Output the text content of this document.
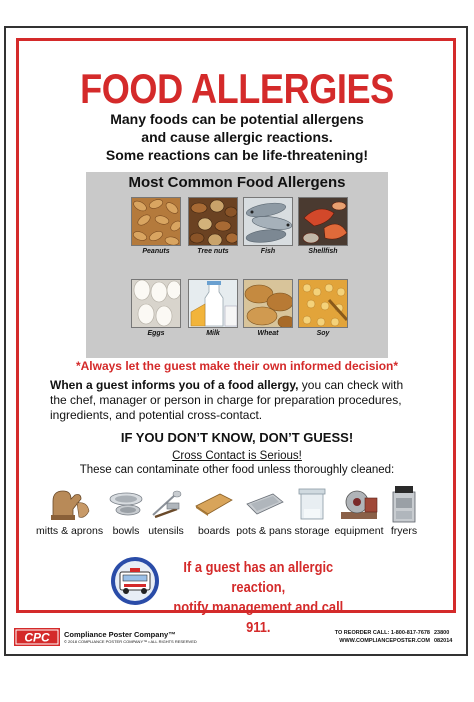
FOOD ALLERGIES
Many foods can be potential allergens
and cause allergic reactions.
Some reactions can be life-threatening!
Most Common Food Allergens
Peanuts	Tree nuts	Fish	Shellfish
Eggs	Milk	Wheat	Soy
*Always let the guest make their own informed decision*
When a guest informs you of a food allergy, you can check with the chef, manager or person in charge for preparation procedures, ingredients, and potential cross-contact.
IF YOU DON’T KNOW, DON’T GUESS!
Cross Contact is Serious!
These can contaminate other food unless thoroughly cleaned:
mitts & aprons bowls utensils	boards pots & pans storage equipment fryers
If a guest has an allergic reaction,
notify management and call 911.
CPC Compliance Poster Company™
© 2018 COMPLIANCE POSTER COMPANY™ • ALL RIGHTS RESERVED
TO REORDER CALL: 1-800-817-7678
WWW.COMPLIANCEPOSTER.COM
23800
082014
